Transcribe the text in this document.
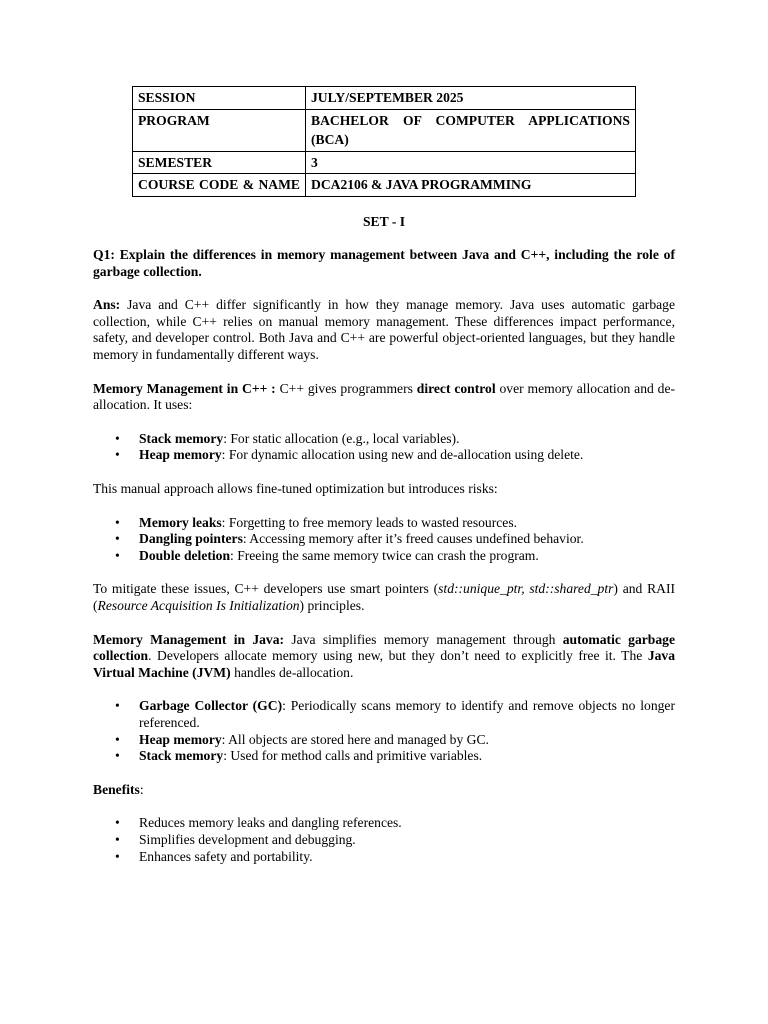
SESSION	JULY/SEPTEMBER 2025
PROGRAM	BACHELOR OF COMPUTER APPLICATIONS (BCA)

SEMESTER	3

COURSE CODE & NAME	DCA2106 & JAVA PROGRAMMING
SET - I

Q1: Explain the differences in memory management between Java and C++, including the role of garbage collection.

Ans: Java and C++ differ significantly in how they manage memory. Java uses automatic garbage collection, while C++ relies on manual memory management. These differences impact performance, safety, and developer control. Both Java and C++ are powerful object-oriented languages, but they handle memory in fundamentally different ways.

Memory Management in C++ : C++ gives programmers direct control over memory allocation and de-allocation. It uses:

• Stack memory: For static allocation (e.g., local variables).
• Heap memory: For dynamic allocation using new and de-allocation using delete.

This manual approach allows fine-tuned optimization but introduces risks:

• Memory leaks: Forgetting to free memory leads to wasted resources.
• Dangling pointers: Accessing memory after it’s freed causes undefined behavior.
• Double deletion: Freeing the same memory twice can crash the program.

To mitigate these issues, C++ developers use smart pointers (std::unique_ptr, std::shared_ptr) and RAII (Resource Acquisition Is Initialization) principles.

Memory Management in Java: Java simplifies memory management through automatic garbage collection. Developers allocate memory using new, but they don’t need to explicitly free it. The Java Virtual Machine (JVM) handles de-allocation.

• Garbage Collector (GC): Periodically scans memory to identify and remove objects no longer referenced.
• Heap memory: All objects are stored here and managed by GC.
• Stack memory: Used for method calls and primitive variables.

Benefits:

• Reduces memory leaks and dangling references.
• Simplifies development and debugging.
• Enhances safety and portability.
